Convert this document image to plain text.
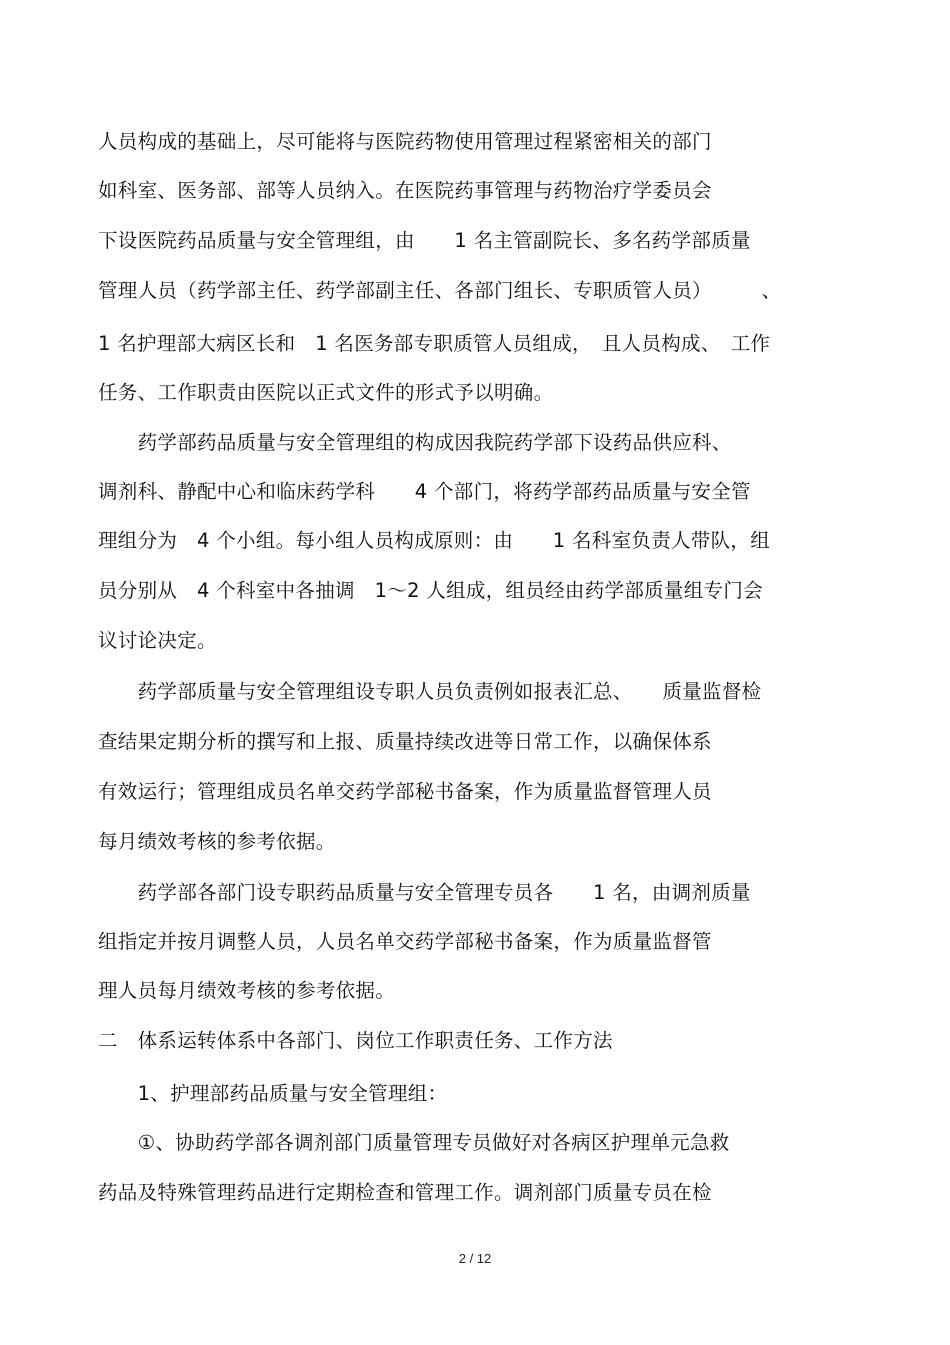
人员构成的基础上，尽可能将与医院药物使用管理过程紧密相关的部门
如科室、医务部、部等人员纳入。在医院药事管理与药物治疗学委员会
下设医院药品质量与安全管理组，由　　1 名主管副院长、多名药学部质量
管理人员（药学部主任、药学部副主任、各部门组长、专职质管人员）　　　、
1 名护理部大病区长和　1 名医务部专职质管人员组成，　且人员构成、　工作
任务、工作职责由医院以正式文件的形式予以明确。
　　药学部药品质量与安全管理组的构成因我院药学部下设药品供应科、
调剂科、静配中心和临床药学科　　4 个部门，将药学部药品质量与安全管
理组分为　4 个小组。每小组人员构成原则：由　　1 名科室负责人带队，组
员分别从　4 个科室中各抽调　1～2 人组成，组员经由药学部质量组专门会
议讨论决定。
　　药学部质量与安全管理组设专职人员负责例如报表汇总、　　质量监督检
查结果定期分析的撰写和上报、质量持续改进等日常工作，以确保体系
有效运行；管理组成员名单交药学部秘书备案，作为质量监督管理人员
每月绩效考核的参考依据。
　　药学部各部门设专职药品质量与安全管理专员各　　1 名，由调剂质量
组指定并按月调整人员，人员名单交药学部秘书备案，作为质量监督管
理人员每月绩效考核的参考依据。
二　体系运转体系中各部门、岗位工作职责任务、工作方法
　　1、护理部药品质量与安全管理组：
　　①、协助药学部各调剂部门质量管理专员做好对各病区护理单元急救
药品及特殊管理药品进行定期检查和管理工作。调剂部门质量专员在检
2 / 12
